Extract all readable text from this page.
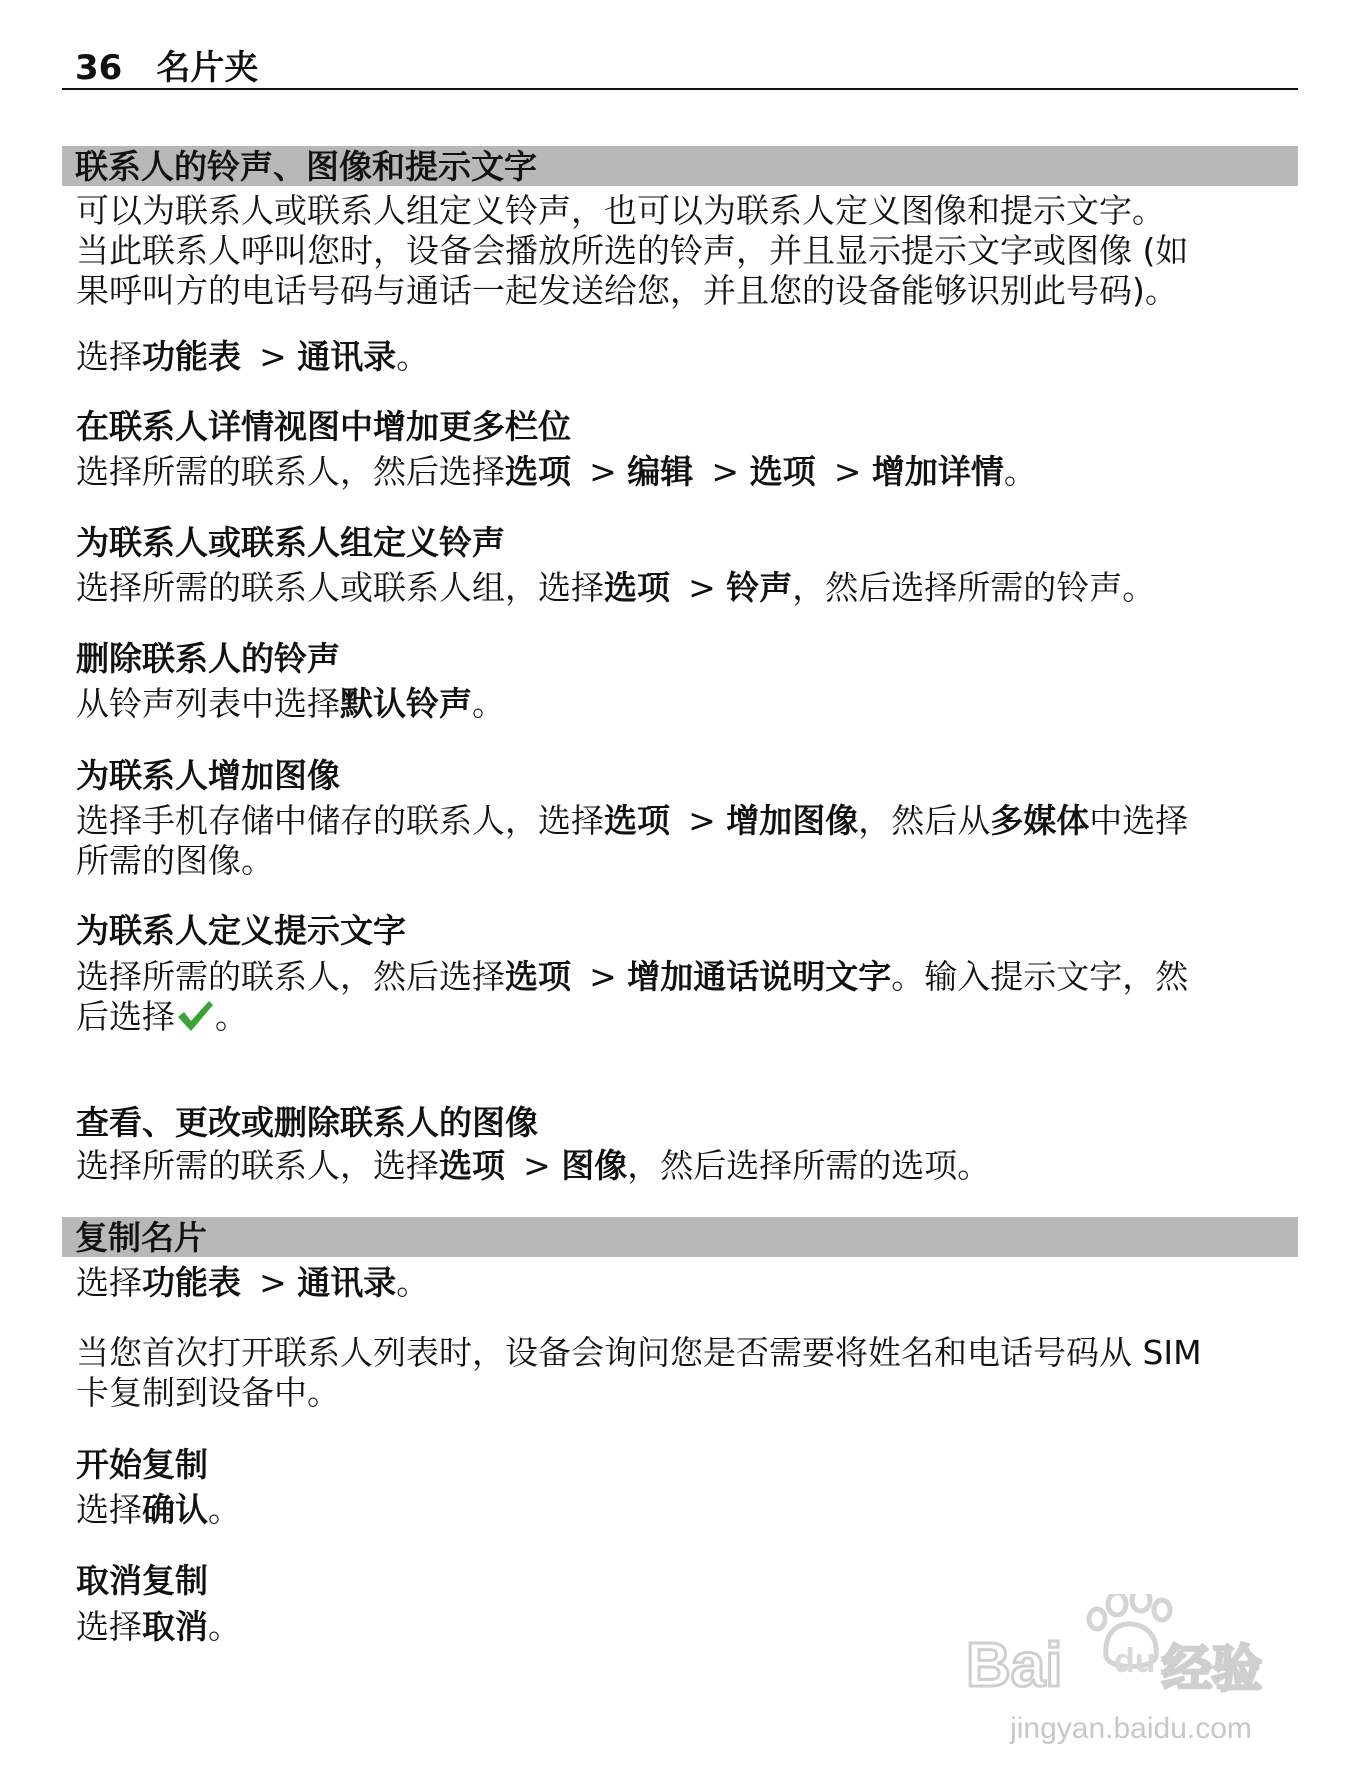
36 名片夹
联系人的铃声、图像和提示文字
可以为联系人或联系人组定义铃声，也可以为联系人定义图像和提示文字。
当此联系人呼叫您时，设备会播放所选的铃声，并且显示提示文字或图像 (如
果呼叫方的电话号码与通话一起发送给您，并且您的设备能够识别此号码)。
选择功能表 > 通讯录。
在联系人详情视图中增加更多栏位
选择所需的联系人，然后选择选项 > 编辑 > 选项 > 增加详情。
为联系人或联系人组定义铃声
选择所需的联系人或联系人组，选择选项 > 铃声，然后选择所需的铃声。
删除联系人的铃声
从铃声列表中选择默认铃声。
为联系人增加图像
选择手机存储中储存的联系人，选择选项 > 增加图像，然后从多媒体中选择
所需的图像。
为联系人定义提示文字
选择所需的联系人，然后选择选项 > 增加通话说明文字。输入提示文字，然
后选择 。
查看、更改或删除联系人的图像
选择所需的联系人，选择选项 > 图像，然后选择所需的选项。
复制名片
选择功能表 > 通讯录。
当您首次打开联系人列表时，设备会询问您是否需要将姓名和电话号码从 SIM
卡复制到设备中。
开始复制
选择确认。
取消复制
选择取消。
Bai 经验
du
jingyan.baidu.com
